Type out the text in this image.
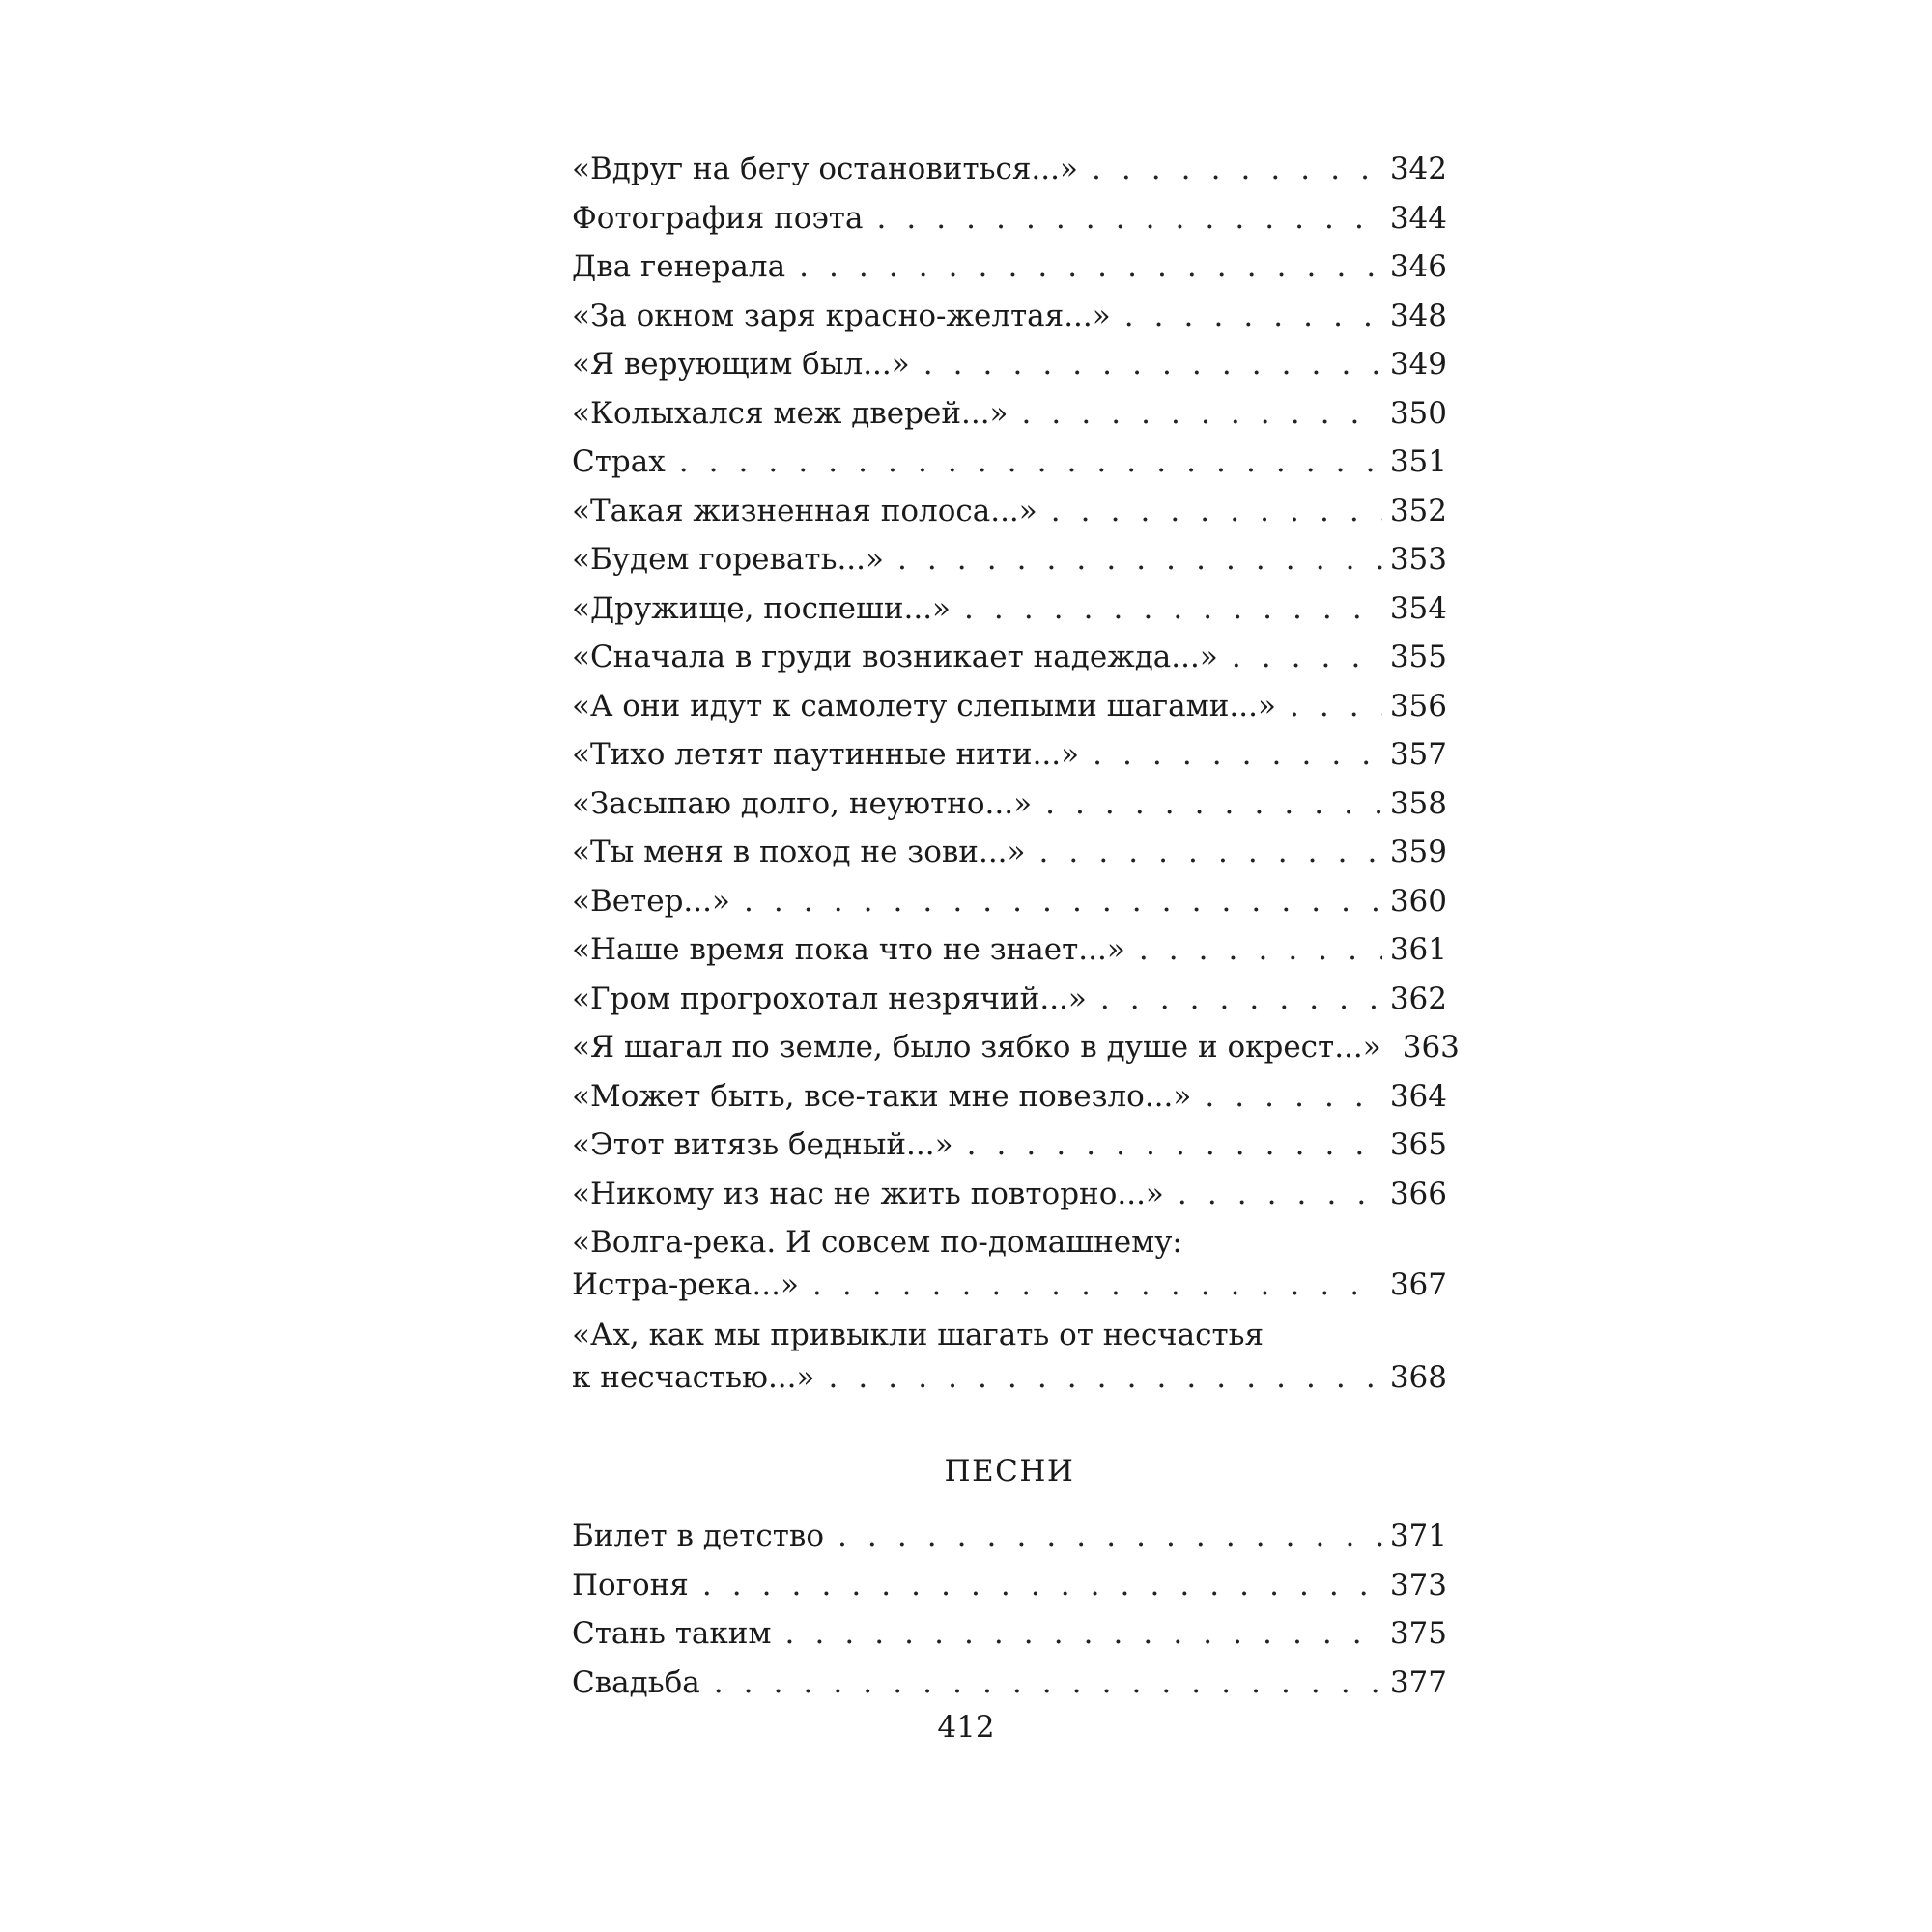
«Вдруг на бегу остановиться...» . . .	342
Фотография поэта . . .	344
Два генерала . . .	346
«За окном заря красно-желтая...» . . .	348
«Я верующим был...» . . .	349
«Колыхался меж дверей...» . . .	350
Страх . . .	351
«Такая жизненная полоса...» . . .	352
«Будем горевать...» . . .	353
«Дружище, поспеши...» . . .	354
«Сначала в груди возникает надежда...» . . .	355
«А они идут к самолету слепыми шагами...» . . .	356
«Тихо летят паутинные нити...» . . .	357
«Засыпаю долго, неуютно...» . . .	358
«Ты меня в поход не зови...» . . .	359
«Ветер...» . . .	360
«Наше время пока что не знает...» . . .	361
«Гром прогрохотал незрячий...» . . .	362
«Я шагал по земле, было зябко в душе и окрест...» 363
«Может быть, все-таки мне повезло...» . . .	364
«Этот витязь бедный...» . . .	365
«Никому из нас не жить повторно...» . . .	366
«Волга-река. И совсем по-домашнему:
Истра-река...» . . .	367
«Ах, как мы привыкли шагать от несчастья
к несчастью...» . . .	368
ПЕСНИ
Билет в детство . . .	371
Погоня . . .	373
Стань таким . . .	375
Свадьба . . .	377
412
